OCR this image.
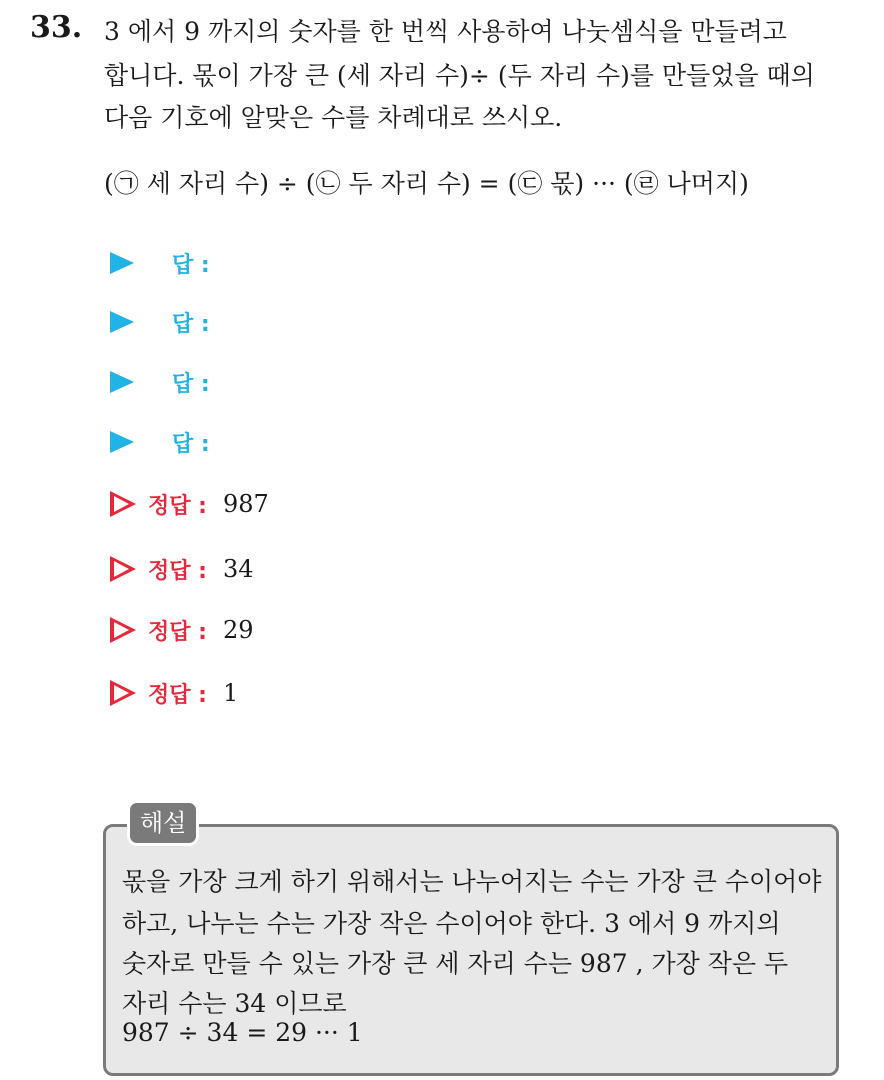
33. 3 에서 9 까지의 숫자를 한 번씩 사용하여 나눗셈식을 만들려고
합니다. 몫이 가장 큰 (세 자리 수)÷ (두 자리 수)를 만들었을 때의
다음 기호에 알맞은 수를 차례대로 쓰시오.
(㉠ 세 자리 수) ÷ (㉡ 두 자리 수) = (㉢ 몫) ··· (㉣ 나머지)
답 :
답 :
답 :
답 :
정답 : 987
정답 : 34
정답 : 29
정답 : 1
해설
몫을 가장 크게 하기 위해서는 나누어지는 수는 가장 큰 수이어야
하고, 나누는 수는 가장 작은 수이어야 한다. 3 에서 9 까지의
숫자로 만들 수 있는 가장 큰 세 자리 수는 987 , 가장 작은 두
자리 수는 34 이므로
987 ÷ 34 = 29 ··· 1
